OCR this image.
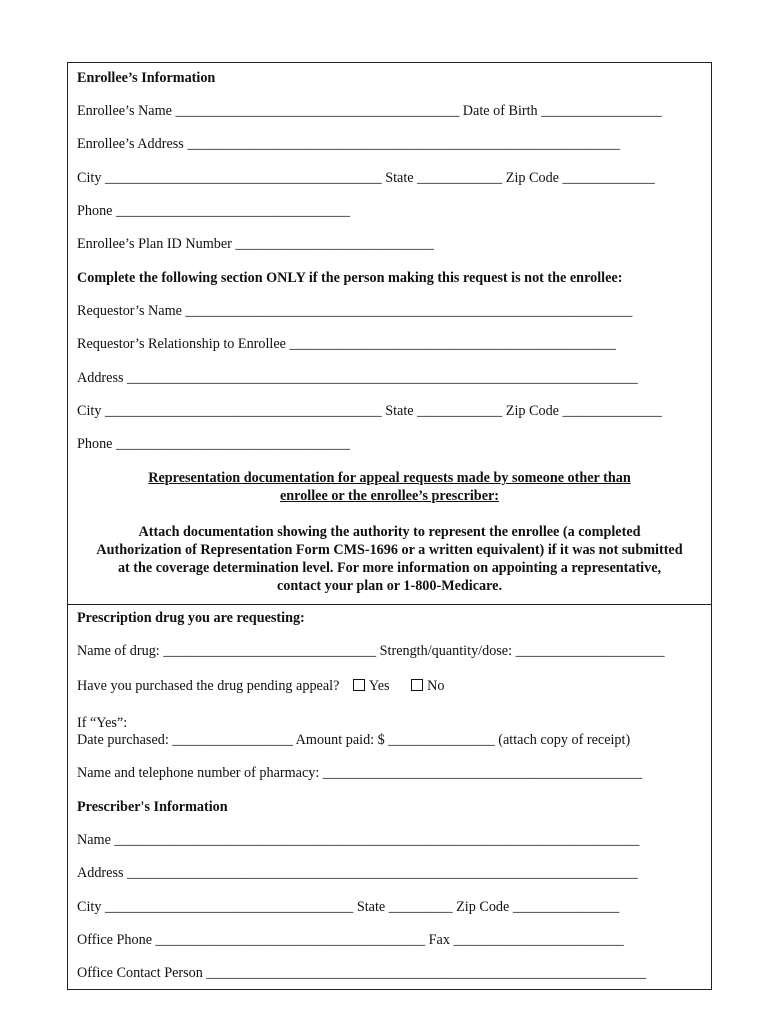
Enrollee’s Information
Enrollee’s Name ________________________________________ Date of Birth _________________
Enrollee’s Address _____________________________________________________________
City _______________________________________ State ____________ Zip Code _____________
Phone _________________________________
Enrollee’s Plan ID Number ____________________________
Complete the following section ONLY if the person making this request is not the enrollee:
Requestor’s Name _______________________________________________________________
Requestor’s Relationship to Enrollee ______________________________________________
Address ________________________________________________________________________
City _______________________________________ State ____________ Zip Code ______________
Phone _________________________________
Representation documentation for appeal requests made by someone other than
enrollee or the enrollee’s prescriber:
Attach documentation showing the authority to represent the enrollee (a completed
Authorization of Representation Form CMS-1696 or a written equivalent) if it was not submitted
at the coverage determination level. For more information on appointing a representative,
contact your plan or 1-800-Medicare.
Prescription drug you are requesting:
Name of drug: ______________________________ Strength/quantity/dose: _____________________
Have you purchased the drug pending appeal? Yes	No
If “Yes”:
Date purchased: _________________ Amount paid: $ _______________ (attach copy of receipt)
Name and telephone number of pharmacy: _____________________________________________
Prescriber's Information
Name __________________________________________________________________________
Address ________________________________________________________________________
City ___________________________________ State _________ Zip Code _______________
Office Phone ______________________________________ Fax ________________________
Office Contact Person ______________________________________________________________
